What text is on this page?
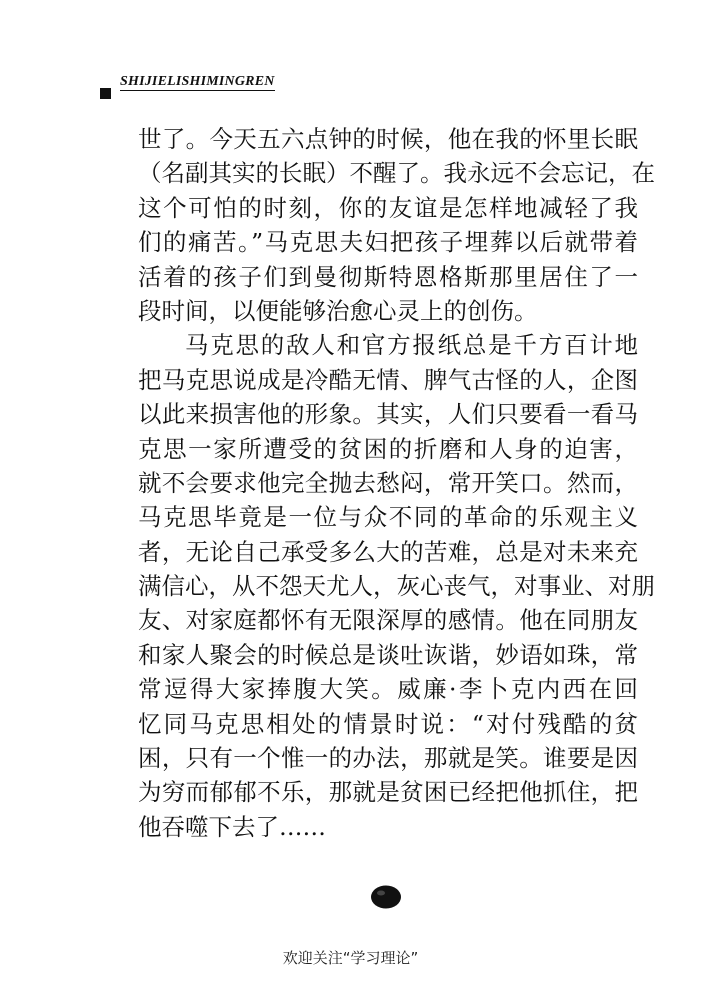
SHIJIELISHIMINGREN
世了。今天五六点钟的时候，他在我的怀里长眠
（名副其实的长眠）不醒了。我永远不会忘记，在
这个可怕的时刻，你的友谊是怎样地减轻了我
们的痛苦。”马克思夫妇把孩子埋葬以后就带着
活着的孩子们到曼彻斯特恩格斯那里居住了一
段时间，以便能够治愈心灵上的创伤。
马克思的敌人和官方报纸总是千方百计地
把马克思说成是冷酷无情、脾气古怪的人，企图
以此来损害他的形象。其实，人们只要看一看马
克思一家所遭受的贫困的折磨和人身的迫害，
就不会要求他完全抛去愁闷，常开笑口。然而，
马克思毕竟是一位与众不同的革命的乐观主义
者，无论自己承受多么大的苦难，总是对未来充
满信心，从不怨天尤人，灰心丧气，对事业、对朋
友、对家庭都怀有无限深厚的感情。他在同朋友
和家人聚会的时候总是谈吐诙谐，妙语如珠，常
常逗得大家捧腹大笑。威廉·李卜克内西在回
忆同马克思相处的情景时说：“对付残酷的贫
困，只有一个惟一的办法，那就是笑。谁要是因
为穷而郁郁不乐，那就是贫困已经把他抓住，把
他吞噬下去了……
欢迎关注“学习理论”
